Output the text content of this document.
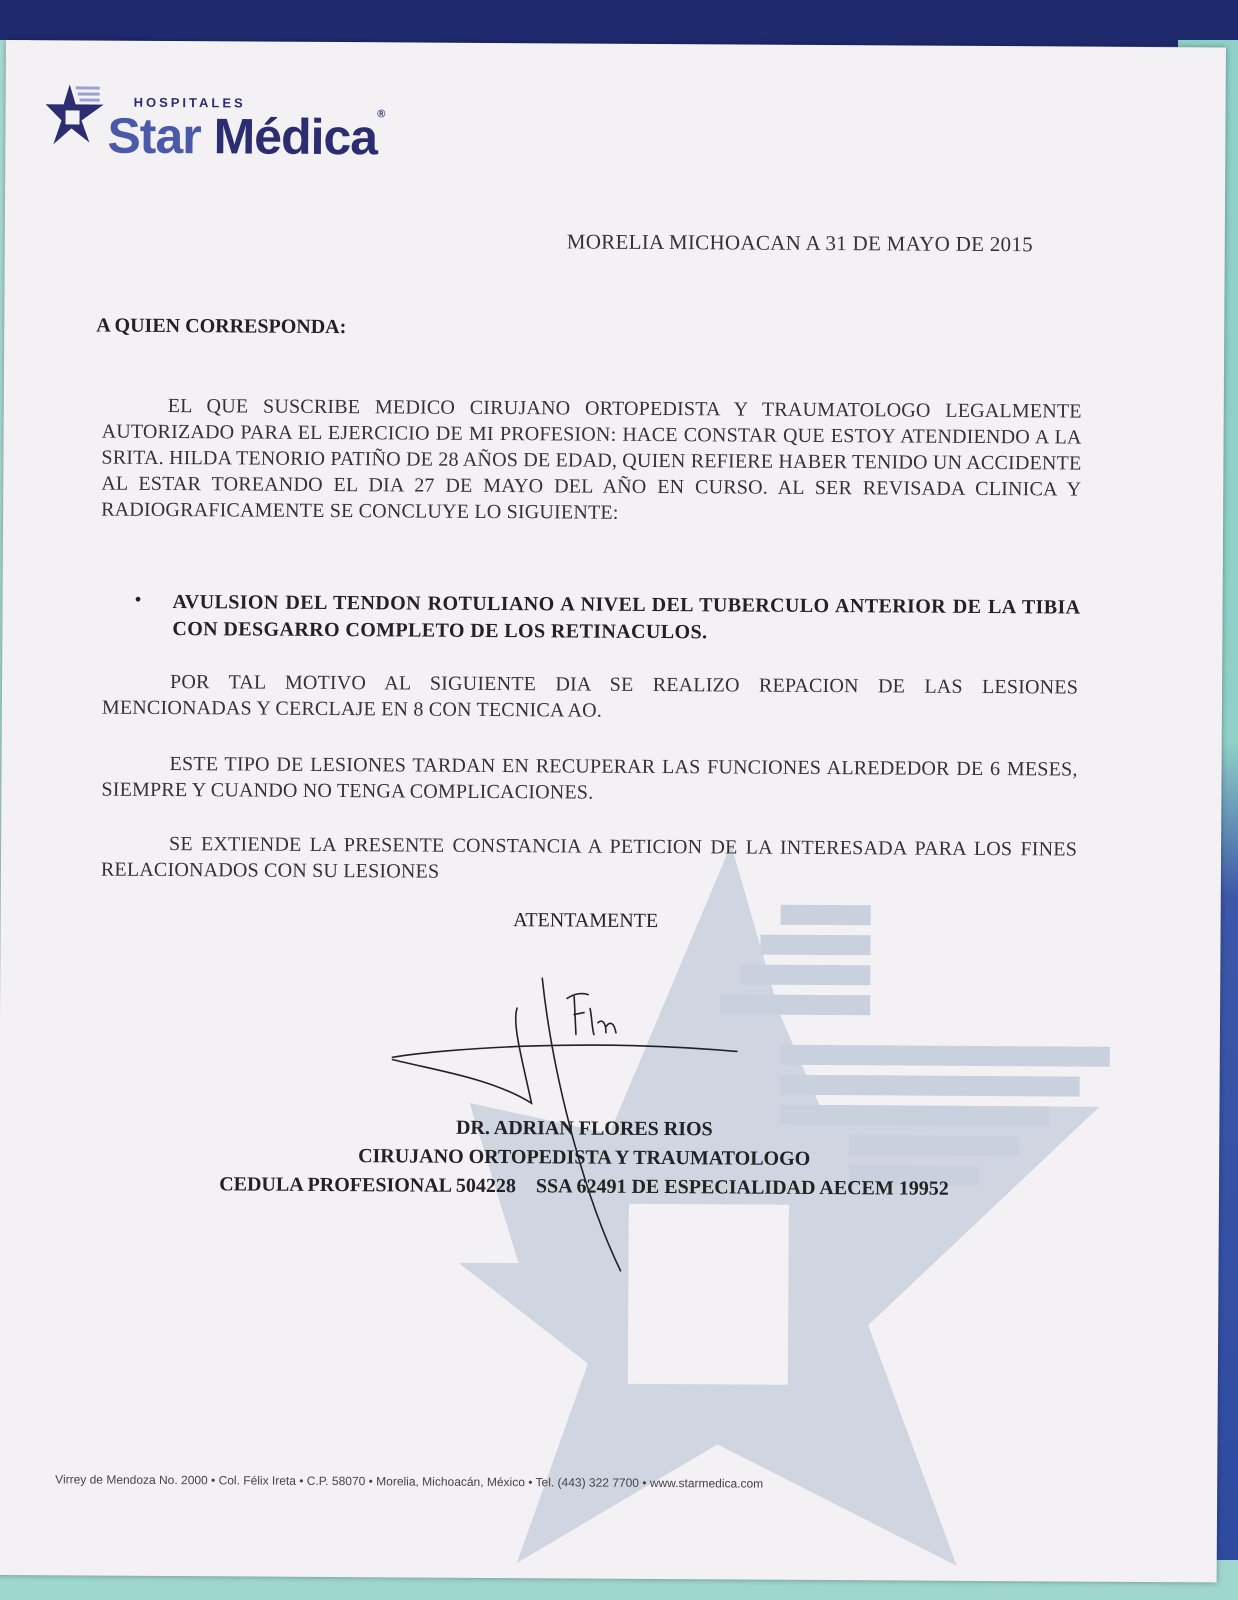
HOSPITALES
Star Médica®
MORELIA MICHOACAN A 31 DE MAYO DE 2015
A QUIEN CORRESPONDA:
EL QUE SUSCRIBE MEDICO CIRUJANO ORTOPEDISTA Y TRAUMATOLOGO LEGALMENTE AUTORIZADO PARA EL EJERCICIO DE MI PROFESION: HACE CONSTAR QUE ESTOY ATENDIENDO A LA SRITA. HILDA TENORIO PATIÑO DE 28 AÑOS DE EDAD, QUIEN REFIERE HABER TENIDO UN ACCIDENTE AL ESTAR TOREANDO EL DIA 27 DE MAYO DEL AÑO EN CURSO. AL SER REVISADA CLINICA Y RADIOGRAFICAMENTE SE CONCLUYE LO SIGUIENTE:
• AVULSION DEL TENDON ROTULIANO A NIVEL DEL TUBERCULO ANTERIOR DE LA TIBIA CON DESGARRO COMPLETO DE LOS RETINACULOS.
POR TAL MOTIVO AL SIGUIENTE DIA SE REALIZO REPACION DE LAS LESIONES MENCIONADAS Y CERCLAJE EN 8 CON TECNICA AO.
ESTE TIPO DE LESIONES TARDAN EN RECUPERAR LAS FUNCIONES ALREDEDOR DE 6 MESES, SIEMPRE Y CUANDO NO TENGA COMPLICACIONES.
SE EXTIENDE LA PRESENTE CONSTANCIA A PETICION DE LA INTERESADA PARA LOS FINES RELACIONADOS CON SU LESIONES
ATENTAMENTE
DR. ADRIAN FLORES RIOS
CIRUJANO ORTOPEDISTA Y TRAUMATOLOGO
CEDULA PROFESIONAL 504228    SSA 62491 DE ESPECIALIDAD AECEM 19952
Virrey de Mendoza No. 2000 • Col. Félix Ireta • C.P. 58070 • Morelia, Michoacán, México • Tel. (443) 322 7700 • www.starmedica.com
